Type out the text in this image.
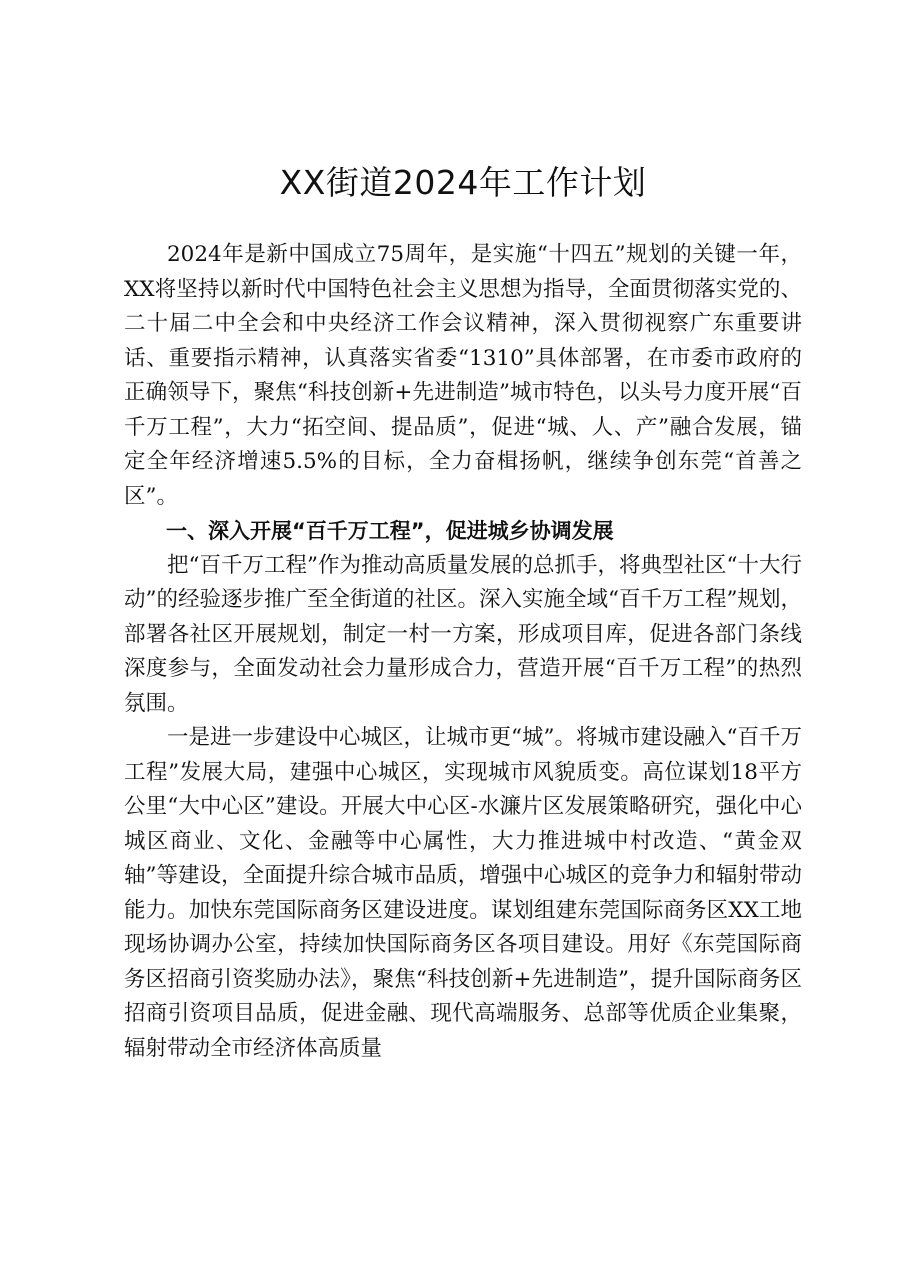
XX街道2024年工作计划

2024年是新中国成立75周年，是实施“十四五”规划的关键一年，XX将坚持以新时代中国特色社会主义思想为指导，全面贯彻落实党的、二十届二中全会和中央经济工作会议精神，深入贯彻视察广东重要讲话、重要指示精神，认真落实省委“1310”具体部署，在市委市政府的正确领导下，聚焦“科技创新+先进制造”城市特色，以头号力度开展“百千万工程”，大力“拓空间、提品质”，促进“城、人、产”融合发展，锚定全年经济增速5.5%的目标，全力奋楫扬帆，继续争创东莞“首善之区”。

一、深入开展“百千万工程”，促进城乡协调发展

把“百千万工程”作为推动高质量发展的总抓手，将典型社区“十大行动”的经验逐步推广至全街道的社区。深入实施全域“百千万工程”规划，部署各社区开展规划，制定一村一方案，形成项目库，促进各部门条线深度参与，全面发动社会力量形成合力，营造开展“百千万工程”的热烈氛围。

一是进一步建设中心城区，让城市更“城”。将城市建设融入“百千万工程”发展大局，建强中心城区，实现城市风貌质变。高位谋划18平方公里“大中心区”建设。开展大中心区-水濂片区发展策略研究，强化中心城区商业、文化、金融等中心属性，大力推进城中村改造、“黄金双轴”等建设，全面提升综合城市品质，增强中心城区的竞争力和辐射带动能力。加快东莞国际商务区建设进度。谋划组建东莞国际商务区XX工地现场协调办公室，持续加快国际商务区各项目建设。用好《东莞国际商务区招商引资奖励办法》，聚焦“科技创新+先进制造”，提升国际商务区招商引资项目品质，促进金融、现代高端服务、总部等优质企业集聚，辐射带动全市经济体高质量
